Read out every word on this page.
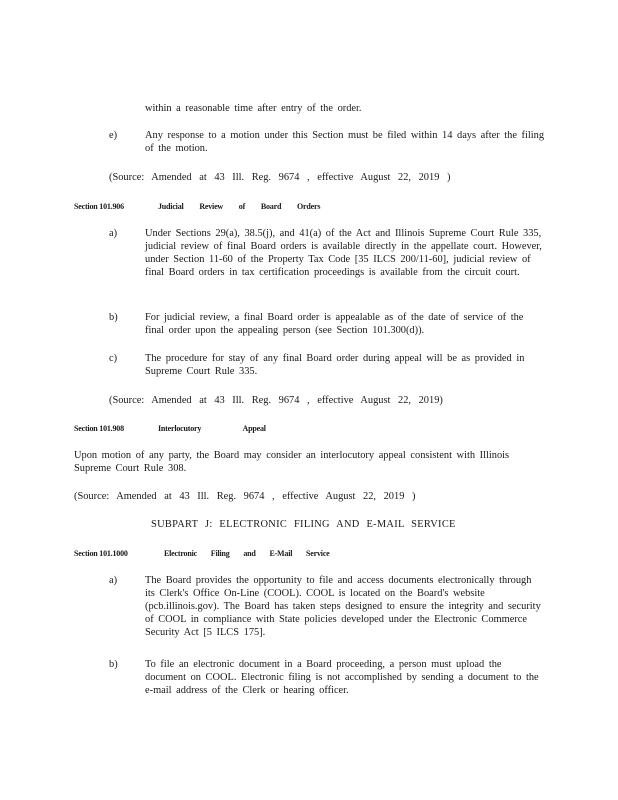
within a reasonable time after entry of the order.
e)	Any response to a motion under this Section must be filed within 14 days after the filing of the motion.
(Source: Amended at 43 Ill. Reg. 9674 , effective August 22, 2019 )
Section 101.906	Judicial Review of Board Orders
a)	Under Sections 29(a), 38.5(j), and 41(a) of the Act and Illinois Supreme Court Rule 335, judicial review of final Board orders is available directly in the appellate court. However, under Section 11-60 of the Property Tax Code [35 ILCS 200/11-60], judicial review of final Board orders in tax certification proceedings is available from the circuit court.
b)	For judicial review, a final Board order is appealable as of the date of service of the final order upon the appealing person (see Section 101.300(d)).
c)	The procedure for stay of any final Board order during appeal will be as provided in Supreme Court Rule 335.
(Source: Amended at 43 Ill. Reg. 9674 , effective August 22, 2019)
Section 101.908	Interlocutory Appeal
Upon motion of any party, the Board may consider an interlocutory appeal consistent with Illinois Supreme Court Rule 308.
(Source: Amended at 43 Ill. Reg. 9674 , effective August 22, 2019 )
SUBPART J: ELECTRONIC FILING AND E-MAIL SERVICE
Section 101.1000	Electronic Filing and E-Mail Service
a)	The Board provides the opportunity to file and access documents electronically through its Clerk's Office On-Line (COOL). COOL is located on the Board's website (pcb.illinois.gov). The Board has taken steps designed to ensure the integrity and security of COOL in compliance with State policies developed under the Electronic Commerce Security Act [5 ILCS 175].
b)	To file an electronic document in a Board proceeding, a person must upload the document on COOL. Electronic filing is not accomplished by sending a document to the e-mail address of the Clerk or hearing officer.
